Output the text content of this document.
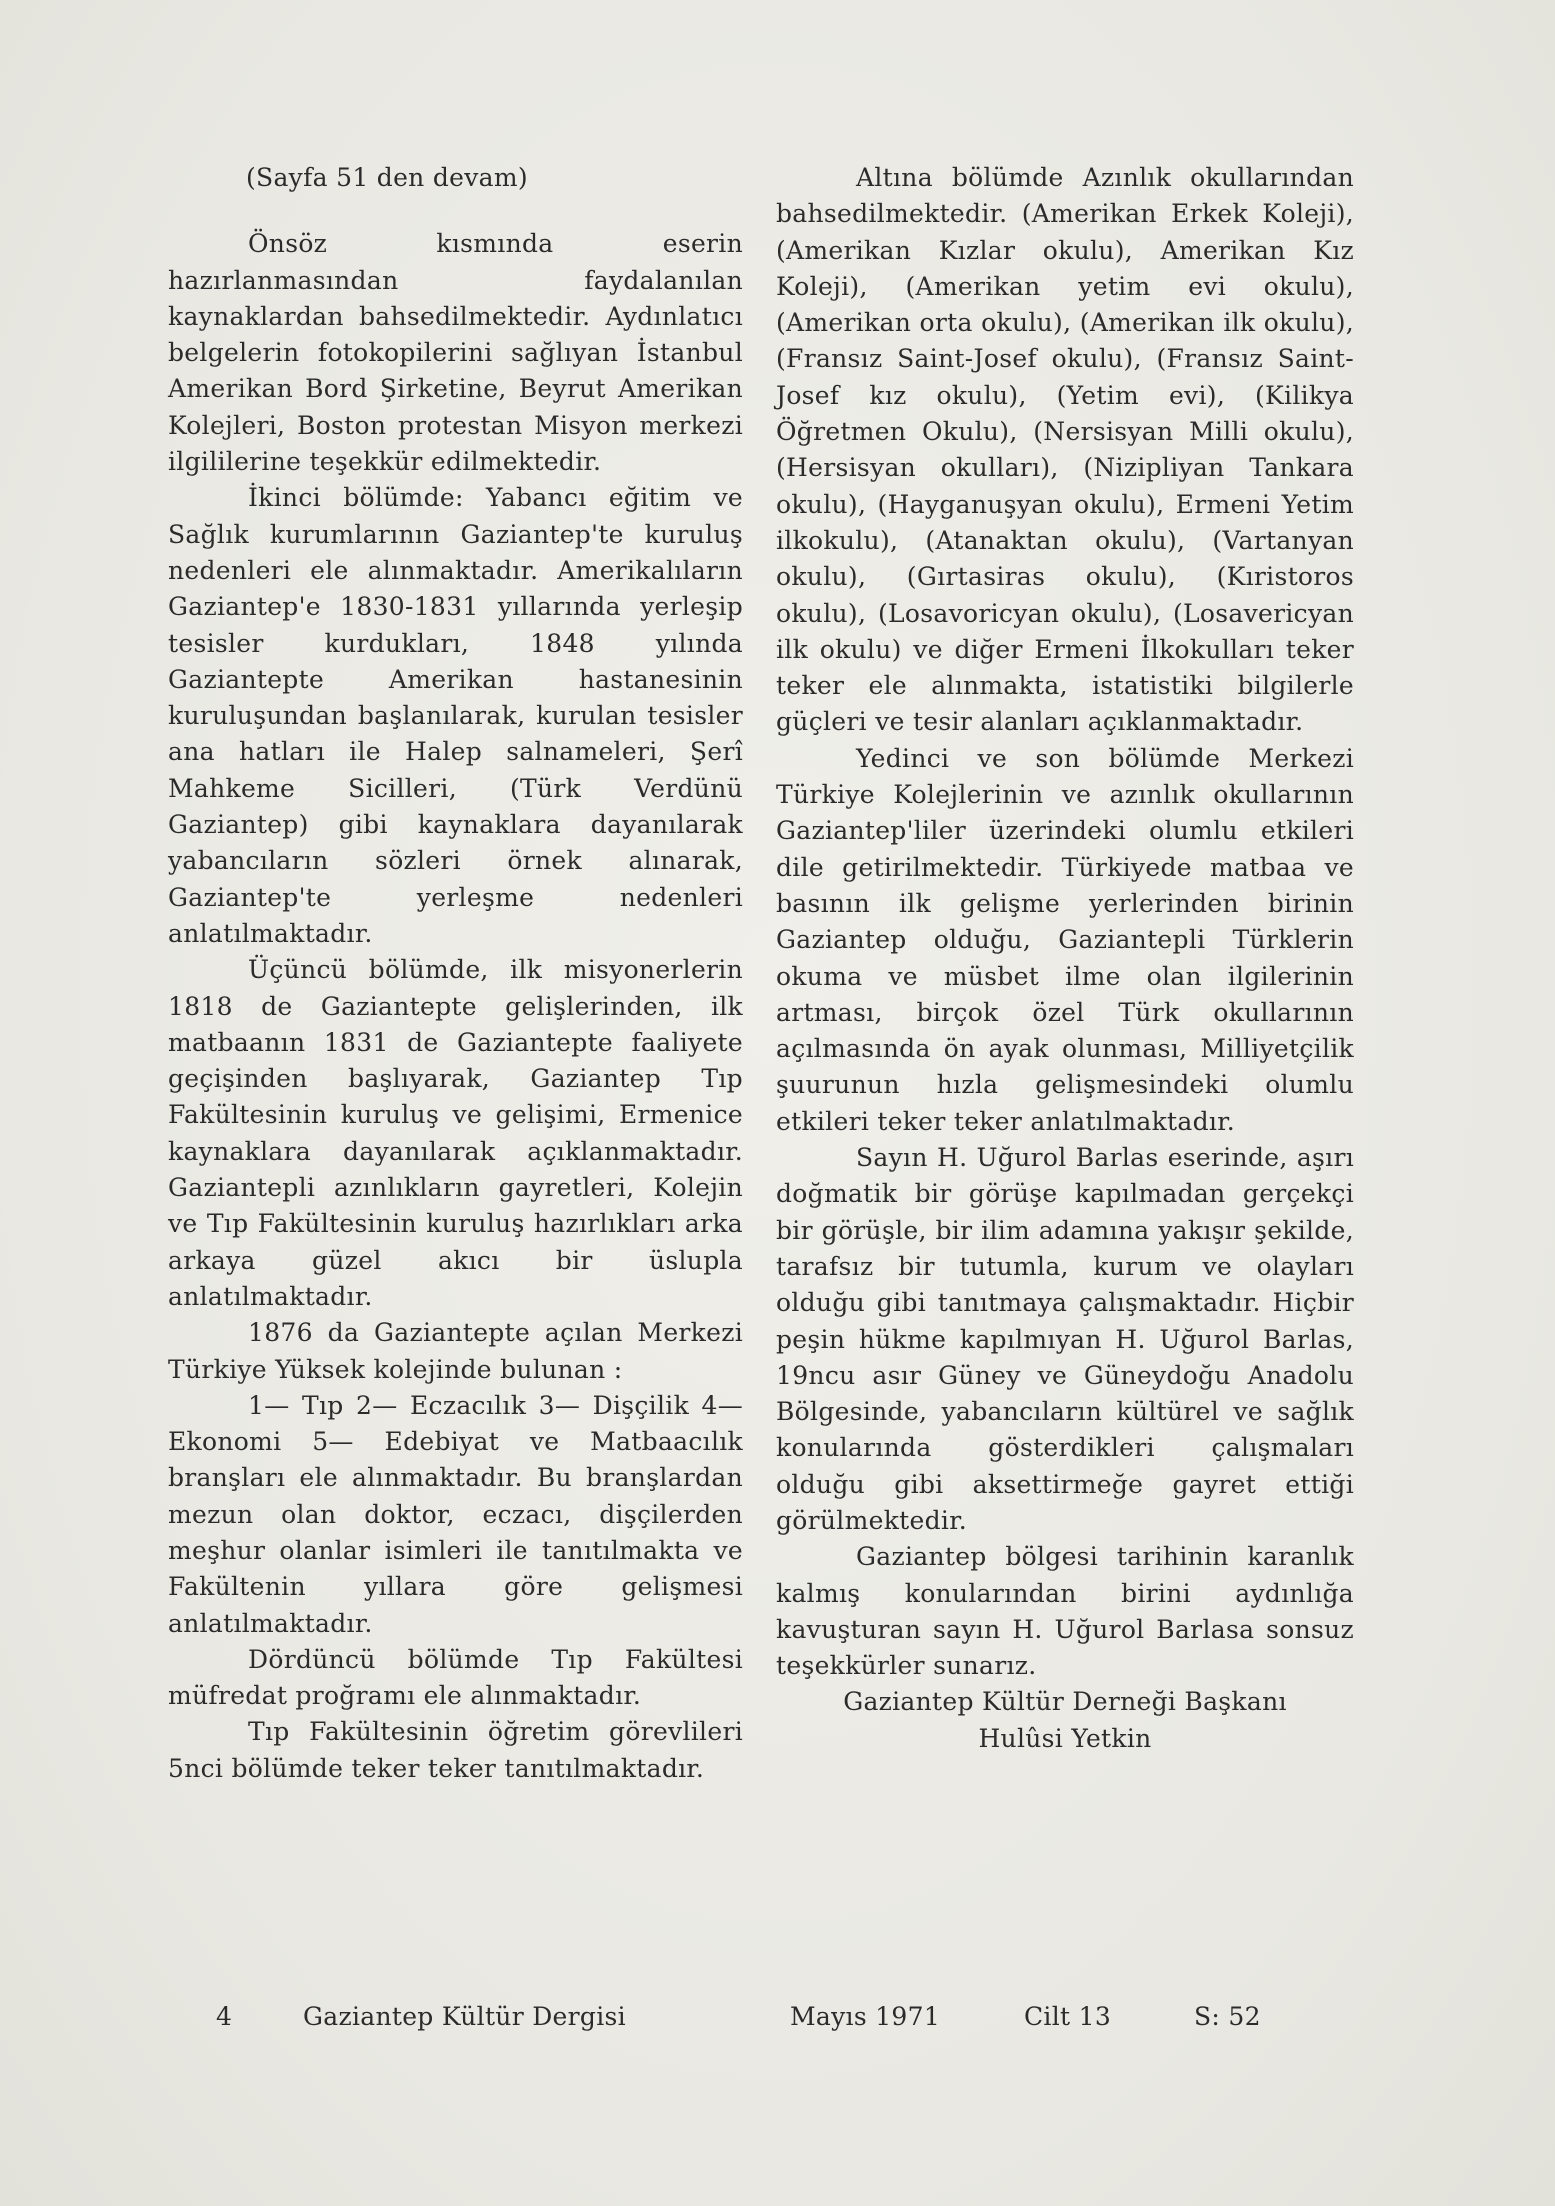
(Sayfa 51 den devam)

Önsöz kısmında eserin hazırlanmasından faydalanılan kaynaklardan bahsedilmektedir. Aydınlatıcı belgelerin fotokopilerini sağlıyan İstanbul Amerikan Bord Şirketine, Beyrut Amerikan Kolejleri, Boston protestan Misyon merkezi ilgililerine teşekkür edilmektedir.

İkinci bölümde: Yabancı eğitim ve Sağlık kurumlarının Gaziantep'te kuruluş nedenleri ele alınmaktadır. Amerikalıların Gaziantep'e 1830-1831 yıllarında yerleşip tesisler kurdukları, 1848 yılında Gaziantepte Amerikan hastanesinin kuruluşundan başlanılarak, kurulan tesisler ana hatları ile Halep salnameleri, Şerî Mahkeme Sicilleri, (Türk Verdünü Gaziantep) gibi kaynaklara dayanılarak yabancıların sözleri örnek alınarak, Gaziantep'te yerleşme nedenleri anlatılmaktadır.

Üçüncü bölümde, ilk misyonerlerin 1818 de Gaziantepte gelişlerinden, ilk matbaanın 1831 de Gaziantepte faaliyete geçişinden başlıyarak, Gaziantep Tıp Fakültesinin kuruluş ve gelişimi, Ermenice kaynaklara dayanılarak açıklanmaktadır. Gaziantepli azınlıkların gayretleri, Kolejin ve Tıp Fakültesinin kuruluş hazırlıkları arka arkaya güzel akıcı bir üslupla anlatılmaktadır.

1876 da Gaziantepte açılan Merkezi Türkiye Yüksek kolejinde bulunan :

1— Tıp 2— Eczacılık 3— Dişçilik 4— Ekonomi 5— Edebiyat ve Matbaacılık branşları ele alınmaktadır. Bu branşlardan mezun olan doktor, eczacı, dişçilerden meşhur olanlar isimleri ile tanıtılmakta ve Fakültenin yıllara göre gelişmesi anlatılmaktadır.

Dördüncü bölümde Tıp Fakültesi müfredat proğramı ele alınmaktadır.

Tıp Fakültesinin öğretim görevlileri 5nci bölümde teker teker tanıtılmaktadır.

Altına bölümde Azınlık okullarından bahsedilmektedir. (Amerikan Erkek Koleji), (Amerikan Kızlar okulu), Amerikan Kız Koleji), (Amerikan yetim evi okulu), (Amerikan orta okulu), (Amerikan ilk okulu), (Fransız Saint-Josef okulu), (Fransız Saint-Josef kız okulu), (Yetim evi), (Kilikya Öğretmen Okulu), (Nersisyan Milli okulu), (Hersisyan okulları), (Nizipliyan Tankara okulu), (Hayganuşyan okulu), Ermeni Yetim ilkokulu), (Atanaktan okulu), (Vartanyan okulu), (Gırtasiras okulu), (Kıristoros okulu), (Losavoricyan okulu), (Losavericyan ilk okulu) ve diğer Ermeni İlkokulları teker teker ele alınmakta, istatistiki bilgilerle güçleri ve tesir alanları açıklanmaktadır.

Yedinci ve son bölümde Merkezi Türkiye Kolejlerinin ve azınlık okullarının Gaziantep'liler üzerindeki olumlu etkileri dile getirilmektedir. Türkiyede matbaa ve basının ilk gelişme yerlerinden birinin Gaziantep olduğu, Gaziantepli Türklerin okuma ve müsbet ilme olan ilgilerinin artması, birçok özel Türk okullarının açılmasında ön ayak olunması, Milliyetçilik şuurunun hızla gelişmesindeki olumlu etkileri teker teker anlatılmaktadır.

Sayın H. Uğurol Barlas eserinde, aşırı doğmatik bir görüşe kapılmadan gerçekçi bir görüşle, bir ilim adamına yakışır şekilde, tarafsız bir tutumla, kurum ve olayları olduğu gibi tanıtmaya çalışmaktadır. Hiçbir peşin hükme kapılmıyan H. Uğurol Barlas, 19ncu asır Güney ve Güneydoğu Anadolu Bölgesinde, yabancıların kültürel ve sağlık konularında gösterdikleri çalışmaları olduğu gibi aksettirmeğe gayret ettiği görülmektedir.

Gaziantep bölgesi tarihinin karanlık kalmış konularından birini aydınlığa kavuşturan sayın H. Uğurol Barlasa sonsuz teşekkürler sunarız.

Gaziantep Kültür Derneği Başkanı

Hulûsi Yetkin

4	Gaziantep Kültür Dergisi	Mayıs 1971	Cilt 13	S: 52
